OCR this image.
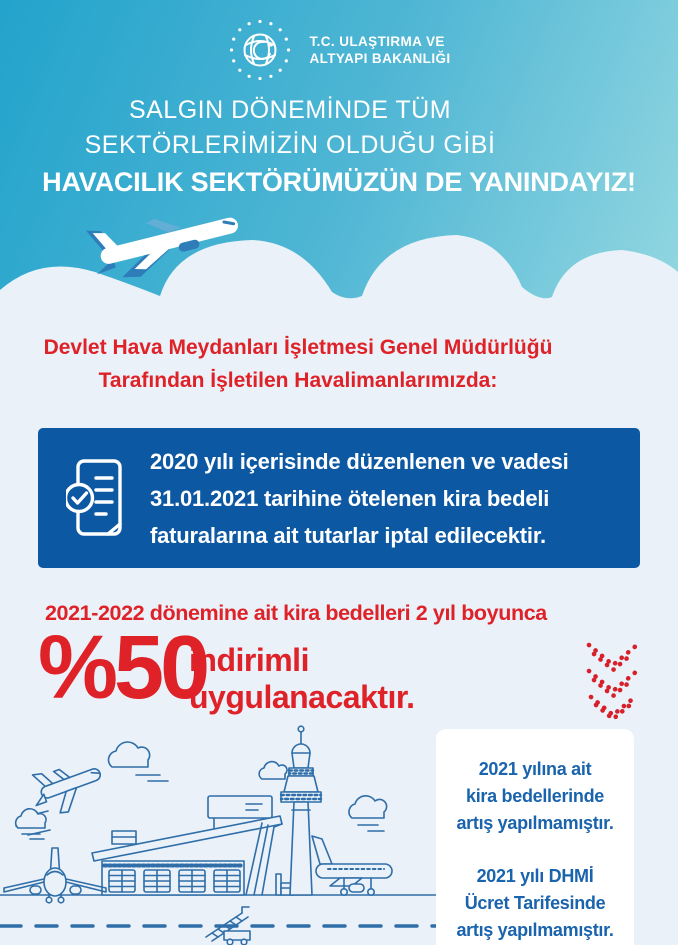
T.C. ULAŞTIRMA VE
ALTYAPI BAKANLIĞI
SALGIN DÖNEMİNDE TÜM
SEKTÖRLERİMİZİN OLDUĞU GİBİ
HAVACILIK SEKTÖRÜMÜZÜN DE YANINDAYIZ!
Devlet Hava Meydanları İşletmesi Genel Müdürlüğü
Tarafından İşletilen Havalimanlarımızda:
2020 yılı içerisinde düzenlenen ve vadesi
31.01.2021 tarihine ötelenen kira bedeli
faturalarına ait tutarlar iptal edilecektir.
2021-2022 dönemine ait kira bedelleri 2 yıl boyunca
%50
indirimli
uygulanacaktır.

2021 yılına ait
kira bedellerinde
artış yapılmamıştır.

2021 yılı DHMİ
Ücret Tarifesinde
artış yapılmamıştır.
